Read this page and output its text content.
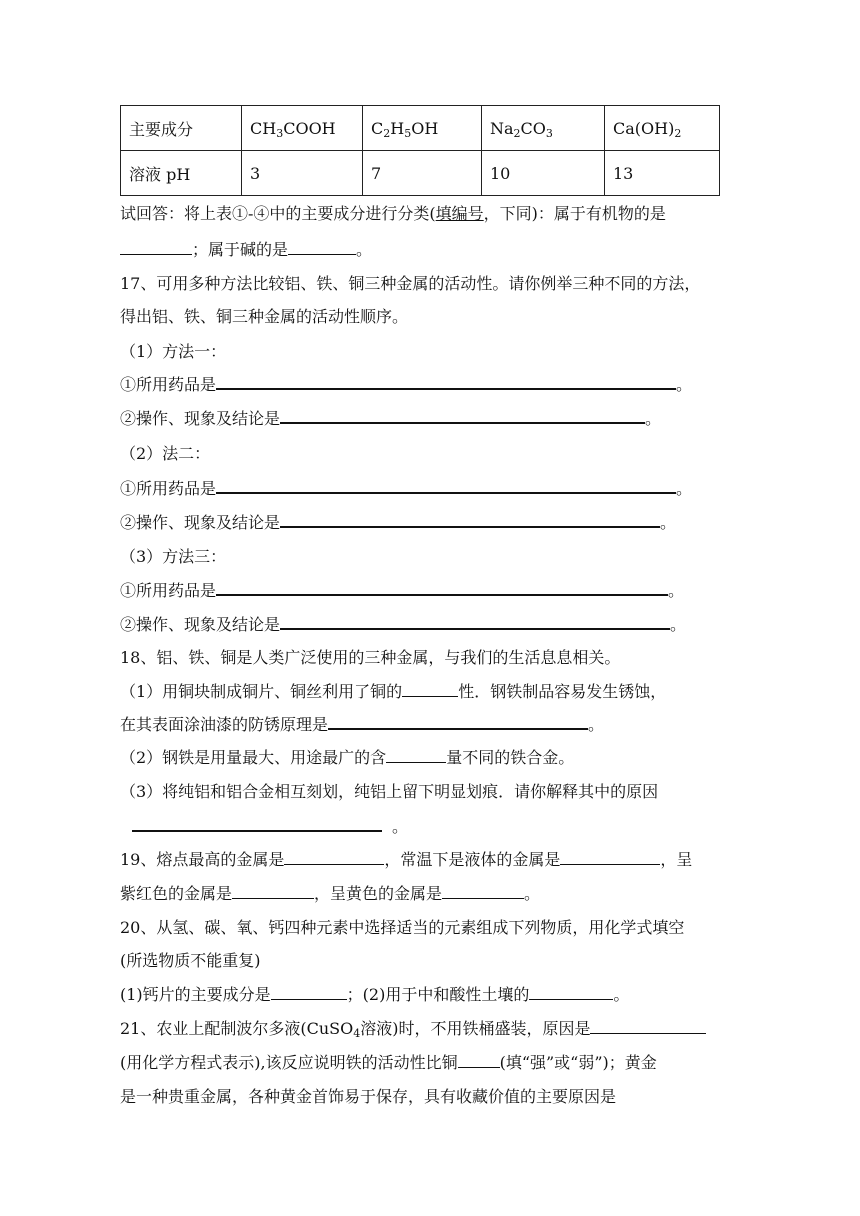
主要成分	$CH_3COOH$	$C_2H_5OH$	$Na_2CO_3$	$Ca(OH)_2$
溶液 pH	3	7	10	13
试回答：将上表①-④中的主要成分进行分类(填编号，下同)：属于有机物的是
；属于碱的是	。
17、可用多种方法比较铝、铁、铜三种金属的活动性。请你例举三种不同的方法，
得出铝、铁、铜三种金属的活动性顺序。
（1）方法一：
①所用药品是	。
②操作、现象及结论是	。
（2）法二：
①所用药品是	。
②操作、现象及结论是	。
（3）方法三：
①所用药品是	。
②操作、现象及结论是	。
18、铝、铁、铜是人类广泛使用的三种金属，与我们的生活息息相关。
（1）用铜块制成铜片、铜丝利用了铜的	性．钢铁制品容易发生锈蚀，
在其表面涂油漆的防锈原理是	。
（2）钢铁是用量最大、用途最广的含	量不同的铁合金。
（3）将纯铝和铝合金相互刻划，纯铝上留下明显划痕．请你解释其中的原因
。
19、熔点最高的金属是	，常温下是液体的金属是	，呈
紫红色的金属是	，呈黄色的金属是	。
20、从氢、碳、氧、钙四种元素中选择适当的元素组成下列物质，用化学式填空
(所选物质不能重复)
(1)钙片的主要成分是	；(2)用于中和酸性土壤的	。
21、农业上配制波尔多液(CuSO$_4$溶液)时，不用铁桶盛装，原因是
(用化学方程式表示),该反应说明铁的活动性比铜	(填“强”或“弱”)；黄金
是一种贵重金属，各种黄金首饰易于保存，具有收藏价值的主要原因是
